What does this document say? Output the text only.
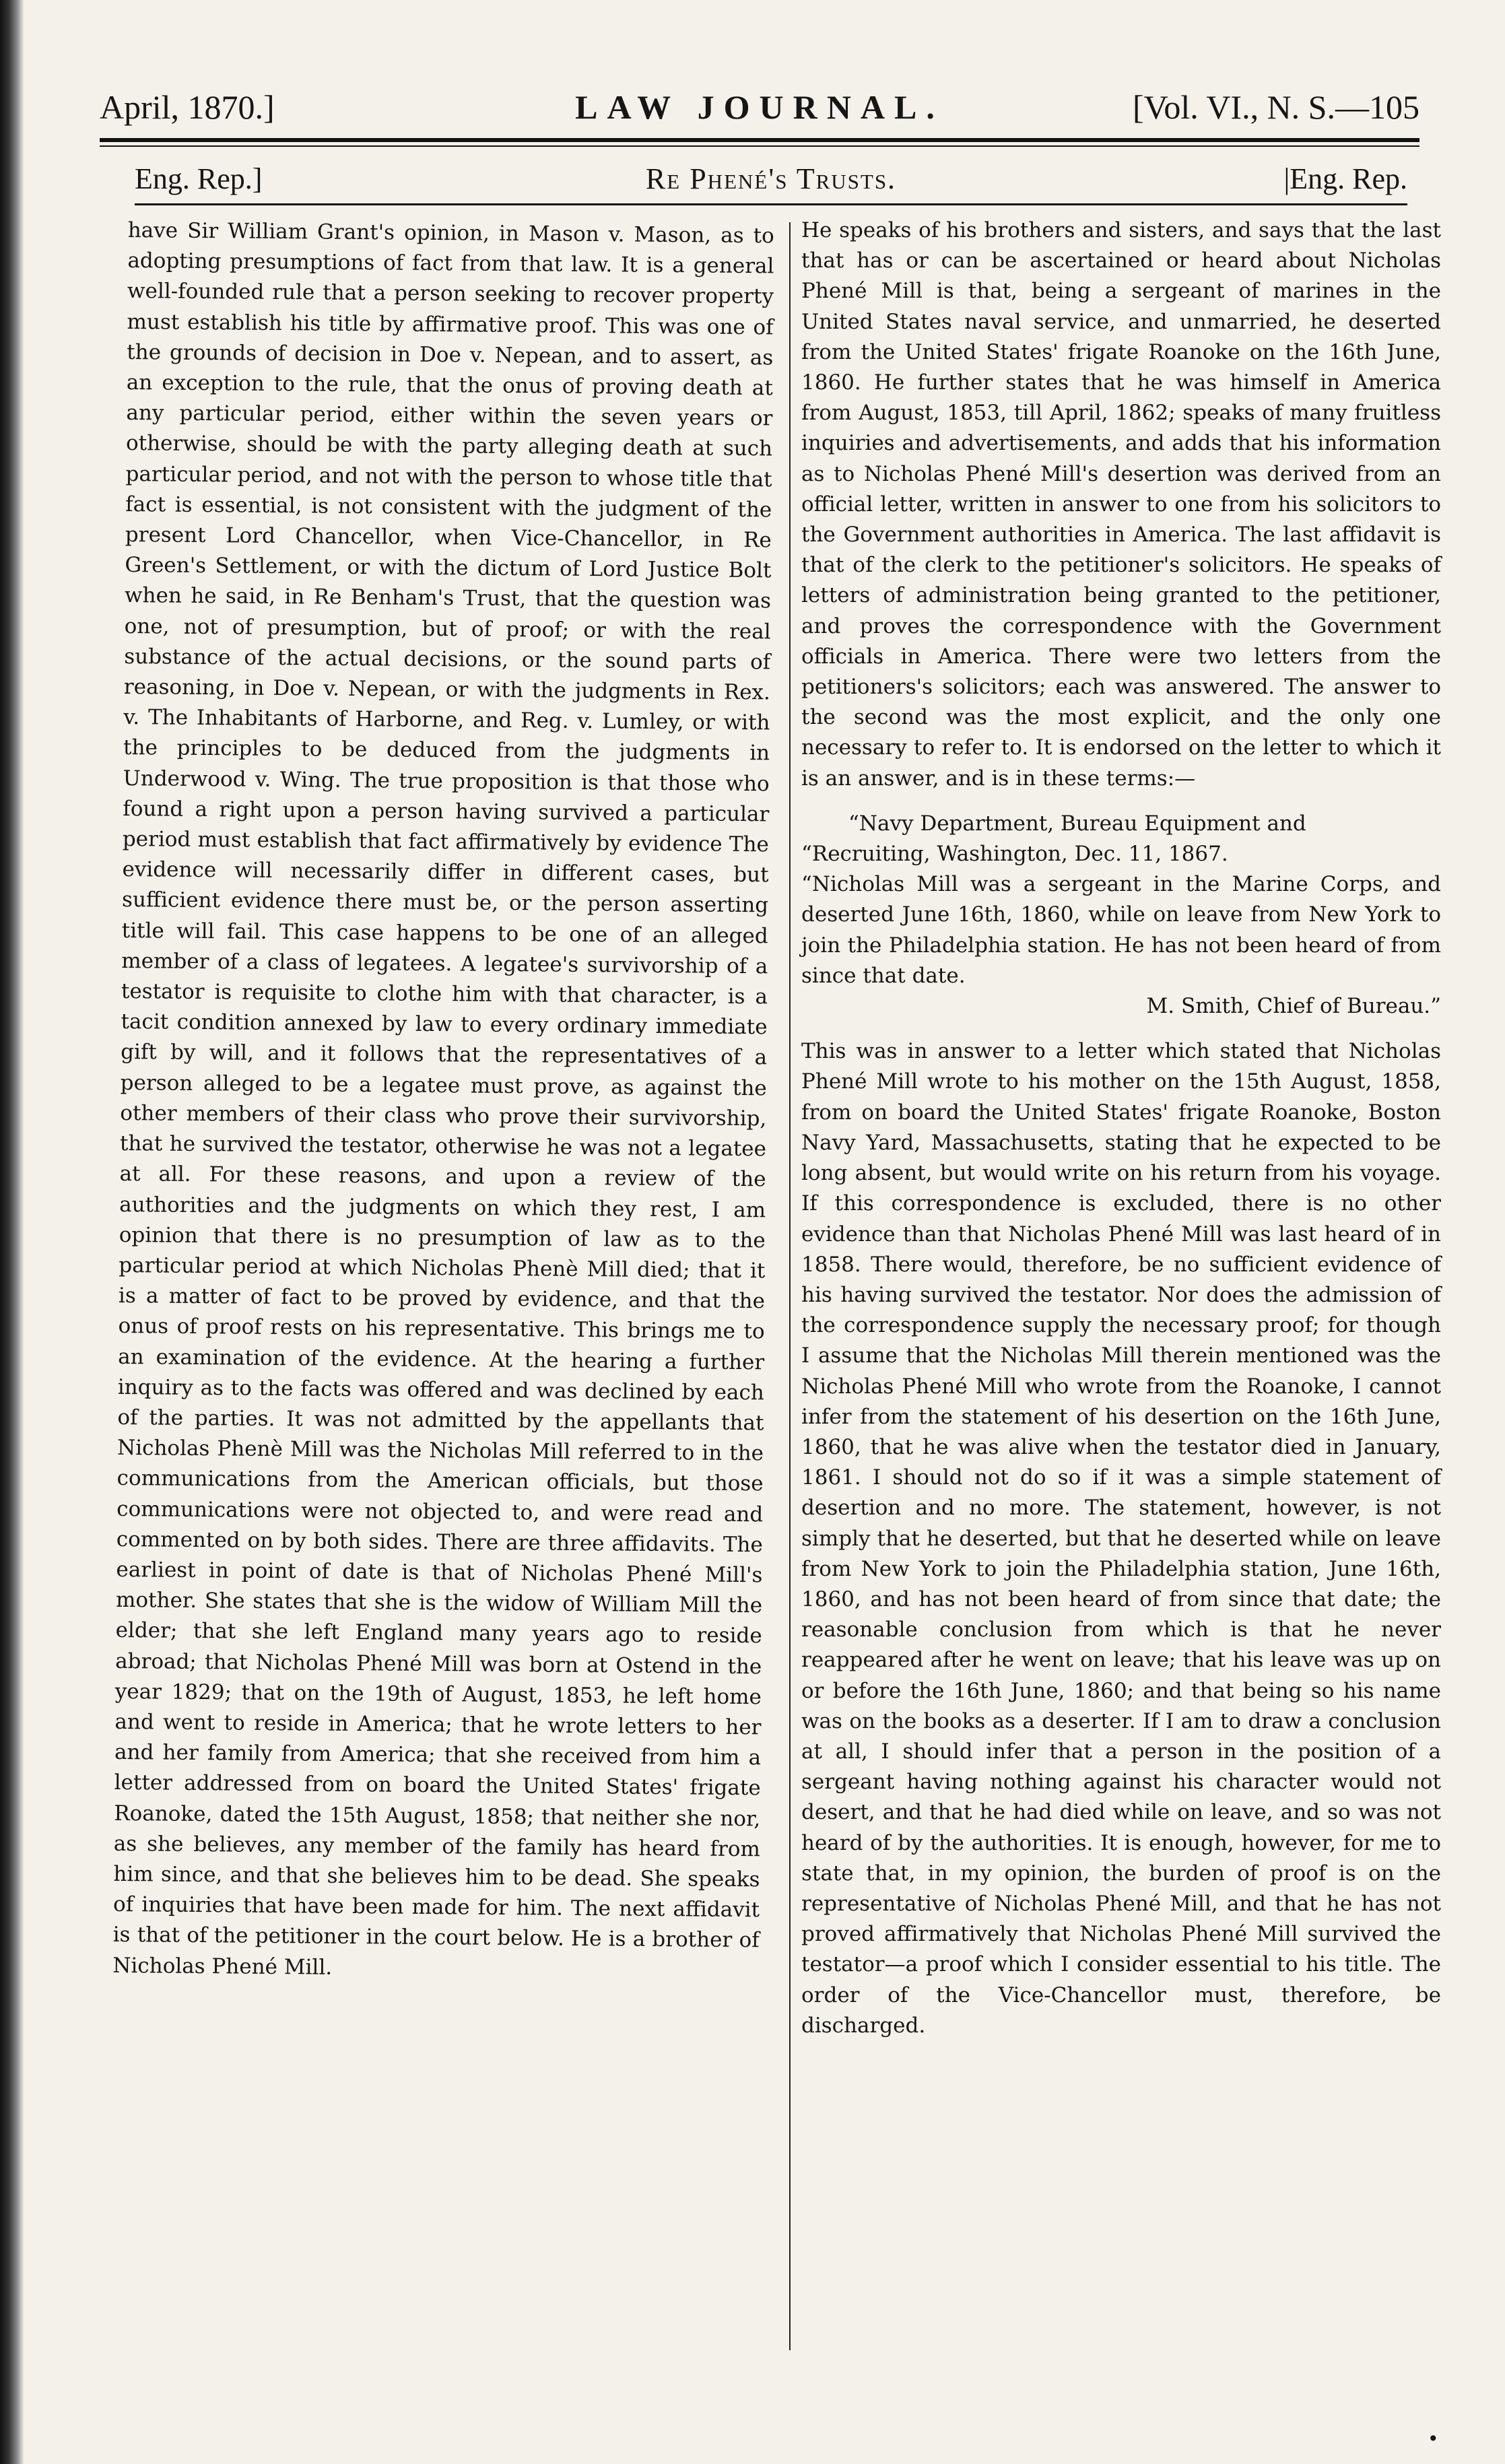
April, 1870.]	LAW JOURNAL.	[Vol. VI., N. S.—105
Eng. Rep.]	Re Phené's Trusts.	|Eng. Rep.

have Sir William Grant's opinion, in Mason v. Mason, as to adopting presumptions of fact from that law. It is a general well-founded rule that a person seeking to recover property must establish his title by affirmative proof. This was one of the grounds of decision in Doe v. Nepean, and to assert, as an exception to the rule, that the onus of proving death at any particular period, either within the seven years or otherwise, should be with the party alleging death at such particular period, and not with the person to whose title that fact is essential, is not consistent with the judgment of the present Lord Chancellor, when Vice-Chancellor, in Re Green's Settlement, or with the dictum of Lord Justice Bolt when he said, in Re Benham's Trust, that the question was one, not of presumption, but of proof; or with the real substance of the actual decisions, or the sound parts of reasoning, in Doe v. Nepean, or with the judgments in Rex. v. The Inhabitants of Harborne, and Reg. v. Lumley, or with the principles to be deduced from the judgments in Underwood v. Wing. The true proposition is that those who found a right upon a person having survived a particular period must establish that fact affirmatively by evidence The evidence will necessarily differ in different cases, but sufficient evidence there must be, or the person asserting title will fail. This case happens to be one of an alleged member of a class of legatees. A legatee's survivorship of a testator is requisite to clothe him with that character, is a tacit condition annexed by law to every ordinary immediate gift by will, and it follows that the representatives of a person alleged to be a legatee must prove, as against the other members of their class who prove their survivorship, that he survived the testator, otherwise he was not a legatee at all. For these reasons, and upon a review of the authorities and the judgments on which they rest, I am opinion that there is no presumption of law as to the particular period at which Nicholas Phenè Mill died; that it is a matter of fact to be proved by evidence, and that the onus of proof rests on his representative. This brings me to an examination of the evidence. At the hearing a further inquiry as to the facts was offered and was declined by each of the parties. It was not admitted by the appellants that Nicholas Phenè Mill was the Nicholas Mill referred to in the communications from the American officials, but those communications were not objected to, and were read and commented on by both sides. There are three affidavits. The earliest in point of date is that of Nicholas Phené Mill's mother. She states that she is the widow of William Mill the elder; that she left England many years ago to reside abroad; that Nicholas Phené Mill was born at Ostend in the year 1829; that on the 19th of August, 1853, he left home and went to reside in America; that he wrote letters to her and her family from America; that she received from him a letter addressed from on board the United States' frigate Roanoke, dated the 15th August, 1858; that neither she nor, as she believes, any member of the family has heard from him since, and that she believes him to be dead. She speaks of inquiries that have been made for him. The next affidavit is that of the petitioner in the court below. He is a brother of Nicholas Phené Mill.

He speaks of his brothers and sisters, and says that the last that has or can be ascertained or heard about Nicholas Phené Mill is that, being a sergeant of marines in the United States naval service, and unmarried, he deserted from the United States' frigate Roanoke on the 16th June, 1860. He further states that he was himself in America from August, 1853, till April, 1862; speaks of many fruitless inquiries and advertisements, and adds that his information as to Nicholas Phené Mill's desertion was derived from an official letter, written in answer to one from his solicitors to the Government authorities in America. The last affidavit is that of the clerk to the petitioner's solicitors. He speaks of letters of administration being granted to the petitioner, and proves the correspondence with the Government officials in America. There were two letters from the petitioners's solicitors; each was answered. The answer to the second was the most explicit, and the only one necessary to refer to. It is endorsed on the letter to which it is an answer, and is in these terms:—

“Navy Department, Bureau Equipment and

“Recruiting, Washington, Dec. 11, 1867.

“Nicholas Mill was a sergeant in the Marine Corps, and deserted June 16th, 1860, while on leave from New York to join the Philadelphia station. He has not been heard of from since that date.

M. Smith, Chief of Bureau.”

This was in answer to a letter which stated that Nicholas Phené Mill wrote to his mother on the 15th August, 1858, from on board the United States' frigate Roanoke, Boston Navy Yard, Massachusetts, stating that he expected to be long absent, but would write on his return from his voyage. If this correspondence is excluded, there is no other evidence than that Nicholas Phené Mill was last heard of in 1858. There would, therefore, be no sufficient evidence of his having survived the testator. Nor does the admission of the correspondence supply the necessary proof; for though I assume that the Nicholas Mill therein mentioned was the Nicholas Phené Mill who wrote from the Roanoke, I cannot infer from the statement of his desertion on the 16th June, 1860, that he was alive when the testator died in January, 1861. I should not do so if it was a simple statement of desertion and no more. The statement, however, is not simply that he deserted, but that he deserted while on leave from New York to join the Philadelphia station, June 16th, 1860, and has not been heard of from since that date; the reasonable conclusion from which is that he never reappeared after he went on leave; that his leave was up on or before the 16th June, 1860; and that being so his name was on the books as a deserter. If I am to draw a conclusion at all, I should infer that a person in the position of a sergeant having nothing against his character would not desert, and that he had died while on leave, and so was not heard of by the authorities. It is enough, however, for me to state that, in my opinion, the burden of proof is on the representative of Nicholas Phené Mill, and that he has not proved affirmatively that Nicholas Phené Mill survived the testator—a proof which I consider essential to his title. The order of the Vice-Chancellor must, therefore, be discharged.

•
